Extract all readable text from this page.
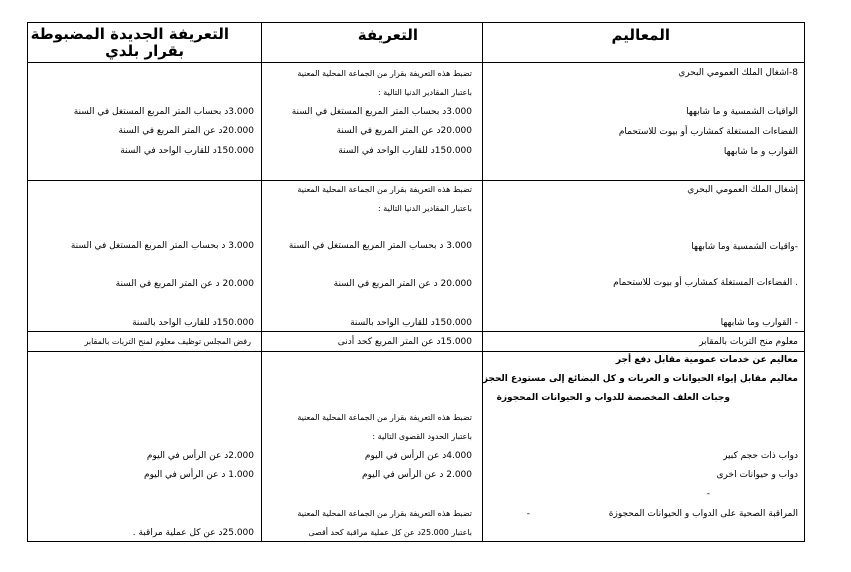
التعريفة الجديدة المضبوطة
بقرار بلدي
التعريفة	المعاليم
8-اشغال الملك العمومي البحري
الواقيات الشمسية و ما شابهها
الفضاءات المستغلة كمشارب أو بيوت للاستحمام
القوارب و ما شابهها
تضبط هذه التعريفة بقرار من الجماعة المحلية المعنية
باعتبار المقادير الدنيا التالية :
3.000د بحساب المتر المربع المستغل في السنة
20.000د عن المتر المربع في السنة
150.000د للقارب الواحد في السنة
3.000د بحساب المتر المربع المستغل في السنة
20.000د عن المتر المربع في السنة
150.000د للقارب الواحد في السنة
إشغال الملك العمومي البحري
-واقيات الشمسية وما شابهها
. الفضاءات المستغلة كمشارب أو بيوت للاستحمام
- القوارب وما شابهها
تضبط هذه التعريفة بقرار من الجماعة المحلية المعنية
باعتبار المقادير الدنيا التالية :
3.000 د بحساب المتر المربع المستغل في السنة
20.000 د عن المتر المربع في السنة
150.000د للقارب الواحد بالسنة
3.000 د بحساب المتر المربع المستغل في السنة
20.000 د عن المتر المربع في السنة
150.000د للقارب الواحد بالسنة
معلوم منح التربات بالمقابر
15.000د عن المتر المربع كحد أدنى
رفض المجلس توظيف معلوم لمنح التربات بالمقابر
معاليم عن خدمات عمومية مقابل دفع أجر
معاليم مقابل إيواء الحيوانات و العربات و كل البضائع إلى مستودع الحجز
وجبات العلف المخصصة للدواب و الحيوانات المحجوزة
دواب ذات حجم كبير
دواب و حيوانات اخرى
-
المراقبة الصحية على الدواب و الحيوانات المحجوزة
-
تضبط هذه التعريفة بقرار من الجماعة المحلية المعنية
باعتبار الحدود القصوى التالية :
4.000د عن الرأس في اليوم
2.000 د عن الرأس في اليوم
تضبط هذه التعريفة بقرار من الجماعة المحلية المعنية
باعتبار 25.000د عن كل عملية مراقبة كحد أقصى
2.000د عن الرأس في اليوم
1.000 د عن الرأس في اليوم
25.000د عن كل عملية مراقبة .
